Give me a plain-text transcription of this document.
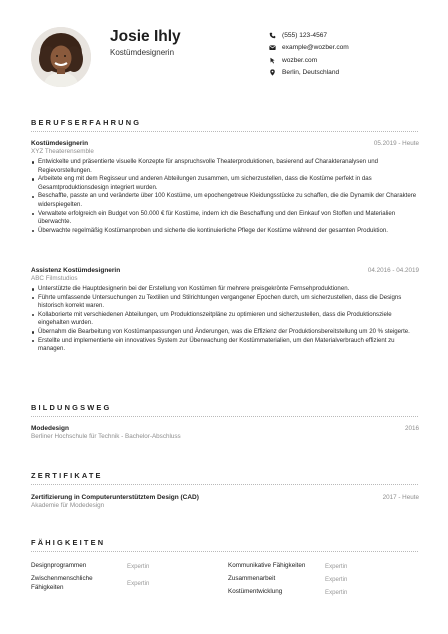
Josie Ihly
Kostümdesignerin
(555) 123-4567
example@wozber.com
wozber.com
Berlin, Deutschland
BERUFSERFAHRUNG
Kostümdesignerin	05.2019 - Heute
XYZ Theaterensemble
Entwickelte und präsentierte visuelle Konzepte für anspruchsvolle Theaterproduktionen, basierend auf Charakteranalysen und Regievorstellungen.
Arbeitete eng mit dem Regisseur und anderen Abteilungen zusammen, um sicherzustellen, dass die Kostüme perfekt in das Gesamtproduktionsdesign integriert wurden.
Beschaffte, passte an und veränderte über 100 Kostüme, um epochengetreue Kleidungsstücke zu schaffen, die die Dynamik der Charaktere widerspiegelten.
Verwaltete erfolgreich ein Budget von 50.000 € für Kostüme, indem ich die Beschaffung und den Einkauf von Stoffen und Materialien überwachte.
Überwachte regelmäßig Kostümanproben und sicherte die kontinuierliche Pflege der Kostüme während der gesamten Produktion.
Assistenz Kostümdesignerin	04.2016 - 04.2019
ABC Filmstudios
Unterstützte die Hauptdesignerin bei der Erstellung von Kostümen für mehrere preisgekrönte Fernsehproduktionen.
Führte umfassende Untersuchungen zu Textilien und Stilrichtungen vergangener Epochen durch, um sicherzustellen, dass die Designs historisch korrekt waren.
Kollaborierte mit verschiedenen Abteilungen, um Produktionszeitpläne zu optimieren und sicherzustellen, dass die Produktionsziele eingehalten wurden.
Übernahm die Bearbeitung von Kostümanpassungen und Änderungen, was die Effizienz der Produktionsbereitstellung um 20 % steigerte.
Erstellte und implementierte ein innovatives System zur Überwachung der Kostümmaterialien, um den Materialverbrauch effizient zu managen.
BILDUNGSWEG
Modedesign	2016
Berliner Hochschule für Technik - Bachelor-Abschluss
ZERTIFIKATE
Zertifizierung in Computerunterstütztem Design (CAD)	2017 - Heute
Akademie für Modedesign
FÄHIGKEITEN
Designprogrammen	Expertin
Zwischenmenschliche Fähigkeiten
Expertin
Kommunikative Fähigkeiten	Expertin
Zusammenarbeit	Expertin
Kostümentwicklung	Expertin
